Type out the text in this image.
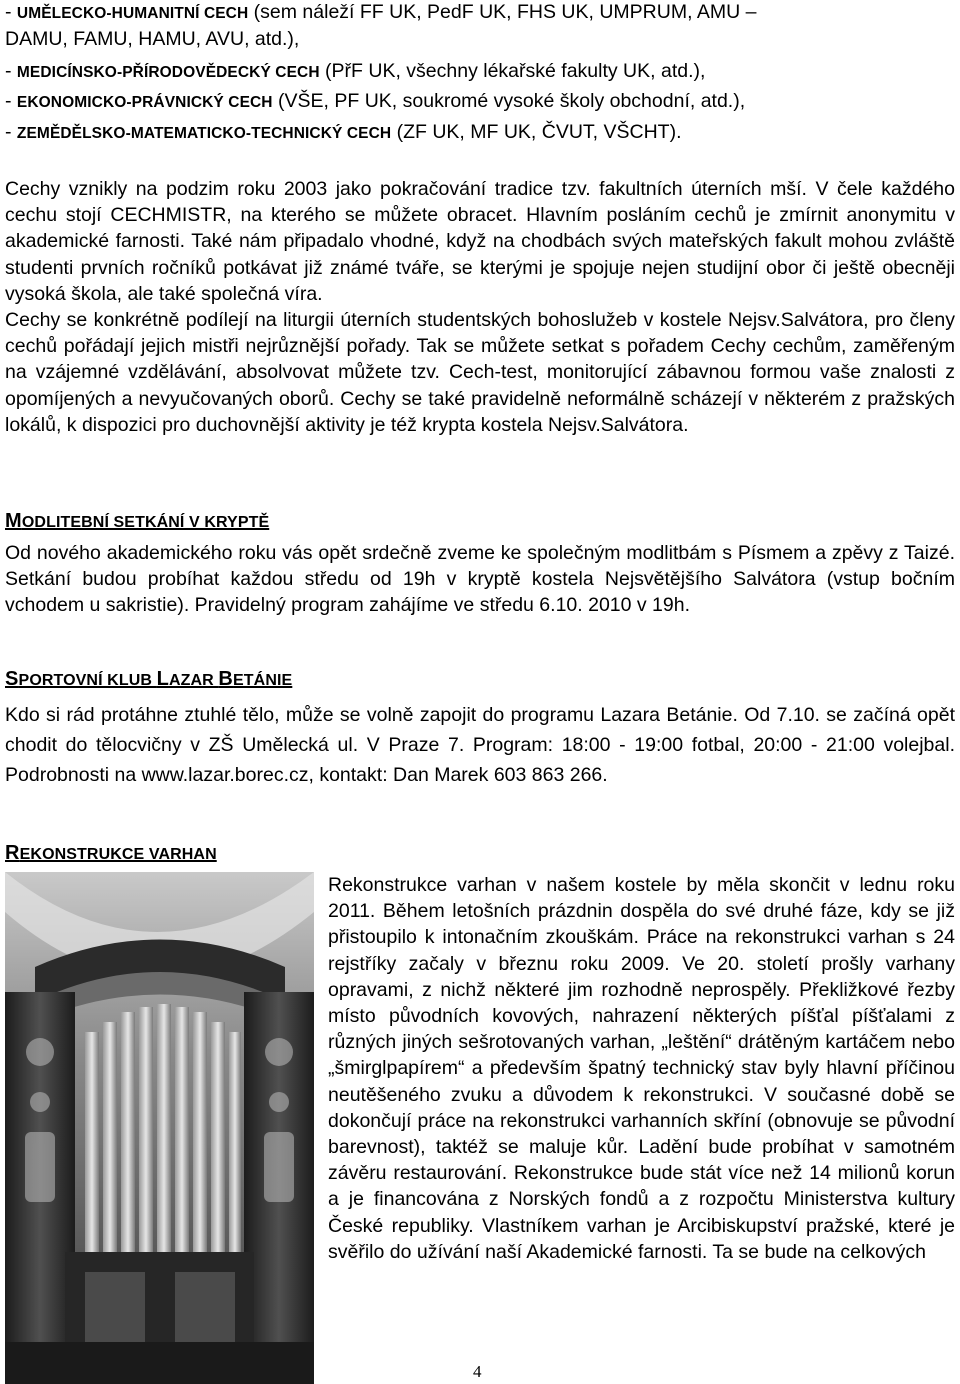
- UMĚLECKO-HUMANITNÍ CECH (sem náleží FF UK, PedF UK, FHS UK, UMPRUM, AMU –
DAMU, FAMU, HAMU, AVU, atd.),
- MEDICÍNSKO-PŘÍRODOVĚDECKÝ CECH (PřF UK, všechny lékařské fakulty UK, atd.),
- EKONOMICKO-PRÁVNICKÝ CECH (VŠE, PF UK, soukromé vysoké školy obchodní, atd.),
- ZEMĚDĚLSKO-MATEMATICKO-TECHNICKÝ CECH (ZF UK, MF UK, ČVUT, VŠCHT).

Cechy vznikly na podzim roku 2003 jako pokračování tradice tzv. fakultních úterních mší. V čele každého cechu stojí CECHMISTR, na kterého se můžete obracet. Hlavním posláním cechů je zmírnit anonymitu v akademické farnosti. Také nám připadalo vhodné, když na chodbách svých mateřských fakult mohou zvláště studenti prvních ročníků potkávat již známé tváře, se kterými je spojuje nejen studijní obor či ještě obecněji vysoká škola, ale také společná víra.

Cechy se konkrétně podílejí na liturgii úterních studentských bohoslužeb v kostele Nejsv.Salvátora, pro členy cechů pořádají jejich mistři nejrůznější pořady. Tak se můžete setkat s pořadem Cechy cechům, zaměřeným na vzájemné vzdělávání, absolvovat můžete tzv. Cech-test, monitorující zábavnou formou vaše znalosti z opomíjených a nevyučovaných oborů. Cechy se také pravidelně neformálně scházejí v některém z pražských lokálů, k dispozici pro duchovnější aktivity je též krypta kostela Nejsv.Salvátora.

MODLITEBNÍ SETKÁNÍ V KRYPTĚ

Od nového akademického roku vás opět srdečně zveme ke společným modlitbám s Písmem a zpěvy z Taizé. Setkání budou probíhat každou středu od 19h v kryptě kostela Nejsvětějšího Salvátora (vstup bočním vchodem u sakristie). Pravidelný program zahájíme ve středu 6.10. 2010 v 19h.

SPORTOVNÍ KLUB LAZAR BETÁNIE

Kdo si rád protáhne ztuhlé tělo, může se volně zapojit do programu Lazara Betánie. Od 7.10. se začíná opět chodit do tělocvičny v ZŠ Umělecká ul. V Praze 7. Program: 18:00 - 19:00 fotbal, 20:00 - 21:00 volejbal. Podrobnosti na www.lazar.borec.cz, kontakt: Dan Marek 603 863 266.

REKONSTRUKCE VARHAN

Rekonstrukce varhan v našem kostele by měla skončit v lednu roku 2011. Během letošních prázdnin dospěla do své druhé fáze, kdy se již přistoupilo k intonačním zkouškám. Práce na rekonstrukci varhan s 24 rejstříky začaly v březnu roku 2009. Ve 20. století prošly varhany opravami, z nichž některé jim rozhodně neprospěly. Překližkové řezby místo původních kovových, nahrazení některých píšťal píšťalami z různých jiných sešrotovaných varhan, „leštění“ drátěným kartáčem nebo „šmirglpapírem“ a především špatný technický stav byly hlavní příčinou neutěšeného zvuku a důvodem k rekonstrukci. V současné době se dokončují práce na rekonstrukci varhanních skříní (obnovuje se původní barevnost), taktéž se maluje kůr. Ladění bude probíhat v samotném závěru restaurování. Rekonstrukce bude stát více než 14 milionů korun a je financována z Norských fondů a z rozpočtu Ministerstva kultury České republiky. Vlastníkem varhan je Arcibiskupství pražské, které je svěřilo do užívání naší Akademické farnosti. Ta se bude na celkových

4
